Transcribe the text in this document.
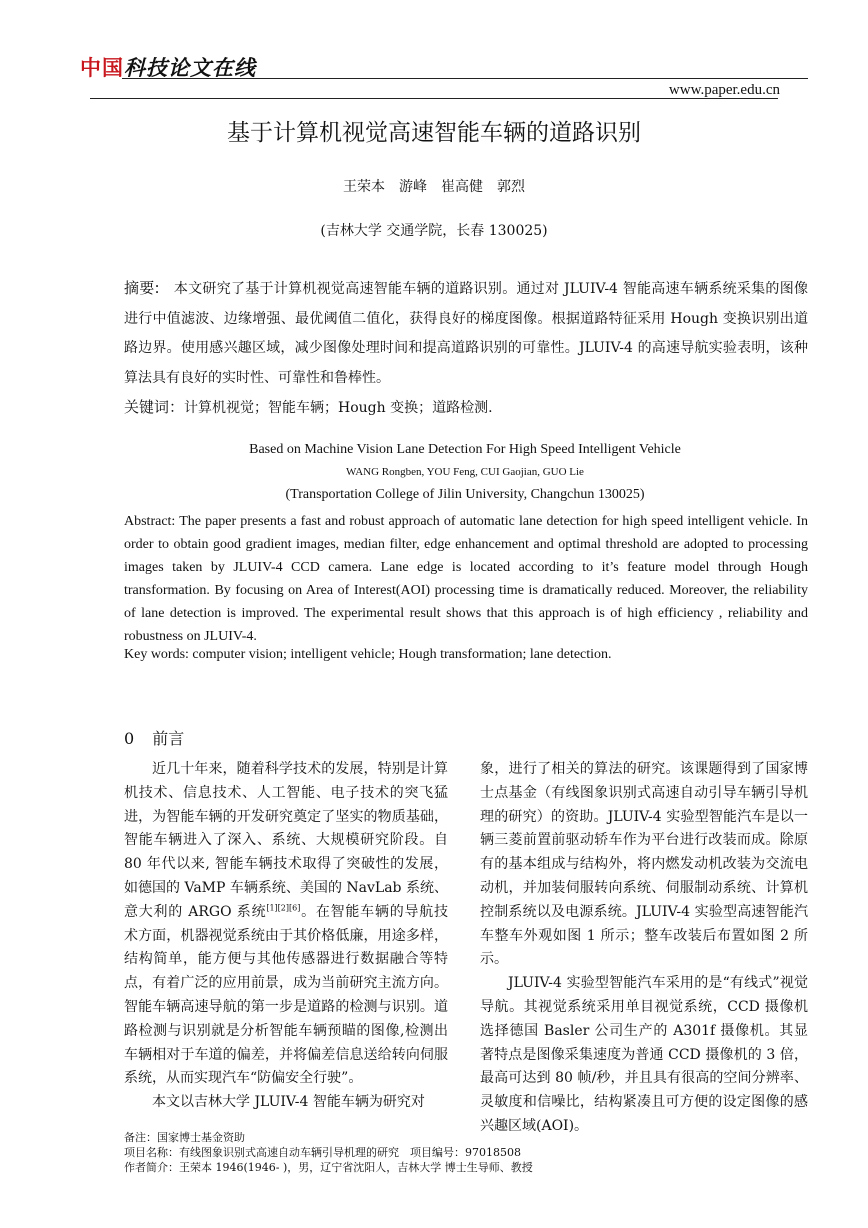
中国科技论文在线
www.paper.edu.cn
基于计算机视觉高速智能车辆的道路识别
王荣本　游峰　崔高健　郭烈
(吉林大学 交通学院，长春 130025)
摘要: 本文研究了基于计算机视觉高速智能车辆的道路识别。通过对 JLUIV-4 智能高速车辆系统采集的图像进行中值滤波、边缘增强、最优阈值二值化，获得良好的梯度图像。根据道路特征采用 Hough 变换识别出道路边界。使用感兴趣区域，减少图像处理时间和提高道路识别的可靠性。JLUIV-4 的高速导航实验表明，该种算法具有良好的实时性、可靠性和鲁棒性。
关键词：计算机视觉；智能车辆；Hough 变换；道路检测.
Based on Machine Vision Lane Detection For High Speed Intelligent Vehicle
WANG Rongben, YOU Feng, CUI Gaojian, GUO Lie
(Transportation College of Jilin University, Changchun 130025)
Abstract: The paper presents a fast and robust approach of automatic lane detection for high speed intelligent vehicle. In order to obtain good gradient images, median filter, edge enhancement and optimal threshold are adopted to processing images taken by JLUIV-4 CCD camera. Lane edge is located according to it’s feature model through Hough transformation. By focusing on Area of Interest(AOI) processing time is dramatically reduced. Moreover, the reliability of lane detection is improved. The experimental result shows that this approach is of high efficiency , reliability and robustness on JLUIV-4.
Key words: computer vision; intelligent vehicle; Hough transformation; lane detection.
0 前言

近几十年来，随着科学技术的发展，特别是计算机技术、信息技术、人工智能、电子技术的突飞猛进，为智能车辆的开发研究奠定了坚实的物质基础，智能车辆进入了深入、系统、大规模研究阶段。自 80 年代以来, 智能车辆技术取得了突破性的发展，如德国的 VaMP 车辆系统、美国的 NavLab 系统、意大利的 ARGO 系统[1][2][6]。在智能车辆的导航技术方面，机器视觉系统由于其价格低廉，用途多样，结构简单，能方便与其他传感器进行数据融合等特点，有着广泛的应用前景，成为当前研究主流方向。智能车辆高速导航的第一步是道路的检测与识别。道路检测与识别就是分析智能车辆预瞄的图像,检测出车辆相对于车道的偏差，并将偏差信息送给转向伺服系统，从而实现汽车“防偏安全行驶”。

本文以吉林大学 JLUIV-4 智能车辆为研究对

象，进行了相关的算法的研究。该课题得到了国家博士点基金（有线图象识别式高速自动引导车辆引导机理的研究）的资助。JLUIV-4 实验型智能汽车是以一辆三菱前置前驱动轿车作为平台进行改装而成。除原有的基本组成与结构外，将内燃发动机改装为交流电动机，并加装伺服转向系统、伺服制动系统、计算机控制系统以及电源系统。JLUIV-4 实验型高速智能汽车整车外观如图 1 所示；整车改装后布置如图 2 所示。

JLUIV-4 实验型智能汽车采用的是“有线式”视觉导航。其视觉系统采用单目视觉系统，CCD 摄像机选择德国 Basler 公司生产的 A301f 摄像机。其显著特点是图像采集速度为普通 CCD 摄像机的 3 倍，最高可达到 80 帧/秒，并且具有很高的空间分辨率、灵敏度和信噪比，结构紧凑且可方便的设定图像的感兴趣区域(AOI)。

备注：国家博士基金资助
项目名称：有线图象识别式高速自动车辆引导机理的研究　项目编号：97018508
作者简介：王荣本 1946(1946- )，男，辽宁省沈阳人，吉林大学 博士生导师、教授
